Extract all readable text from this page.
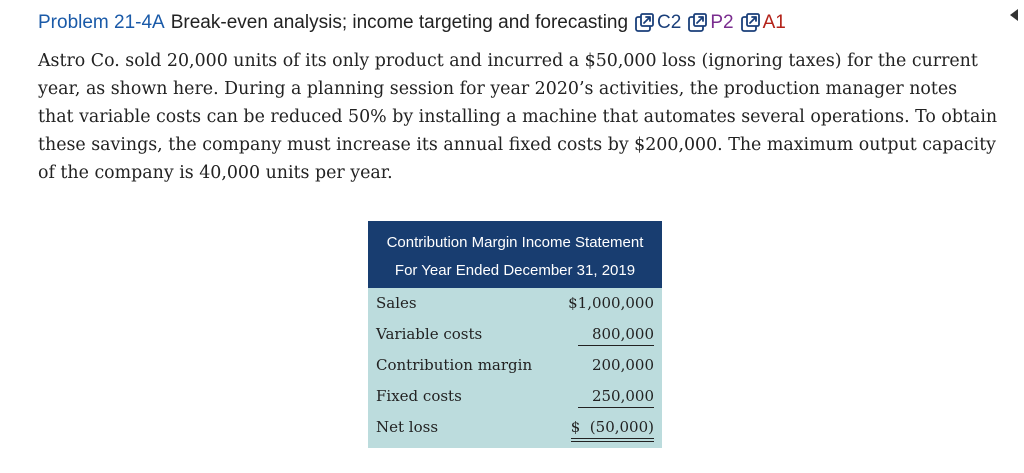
Problem 21-4A Break-even analysis; income targeting and forecasting C2 P2 A1

Astro Co. sold 20,000 units of its only product and incurred a $50,000 loss (ignoring taxes) for the current year, as shown here. During a planning session for year 2020’s activities, the production manager notes that variable costs can be reduced 50% by installing a machine that automates several operations. To obtain these savings, the company must increase its annual fixed costs by $200,000. The maximum output capacity of the company is 40,000 units per year.

Contribution Margin Income Statement
For Year Ended December 31, 2019
Sales	$1,000,000
Variable costs	800,000
Contribution margin	200,000
Fixed costs	250,000
Net loss	$  (50,000)
